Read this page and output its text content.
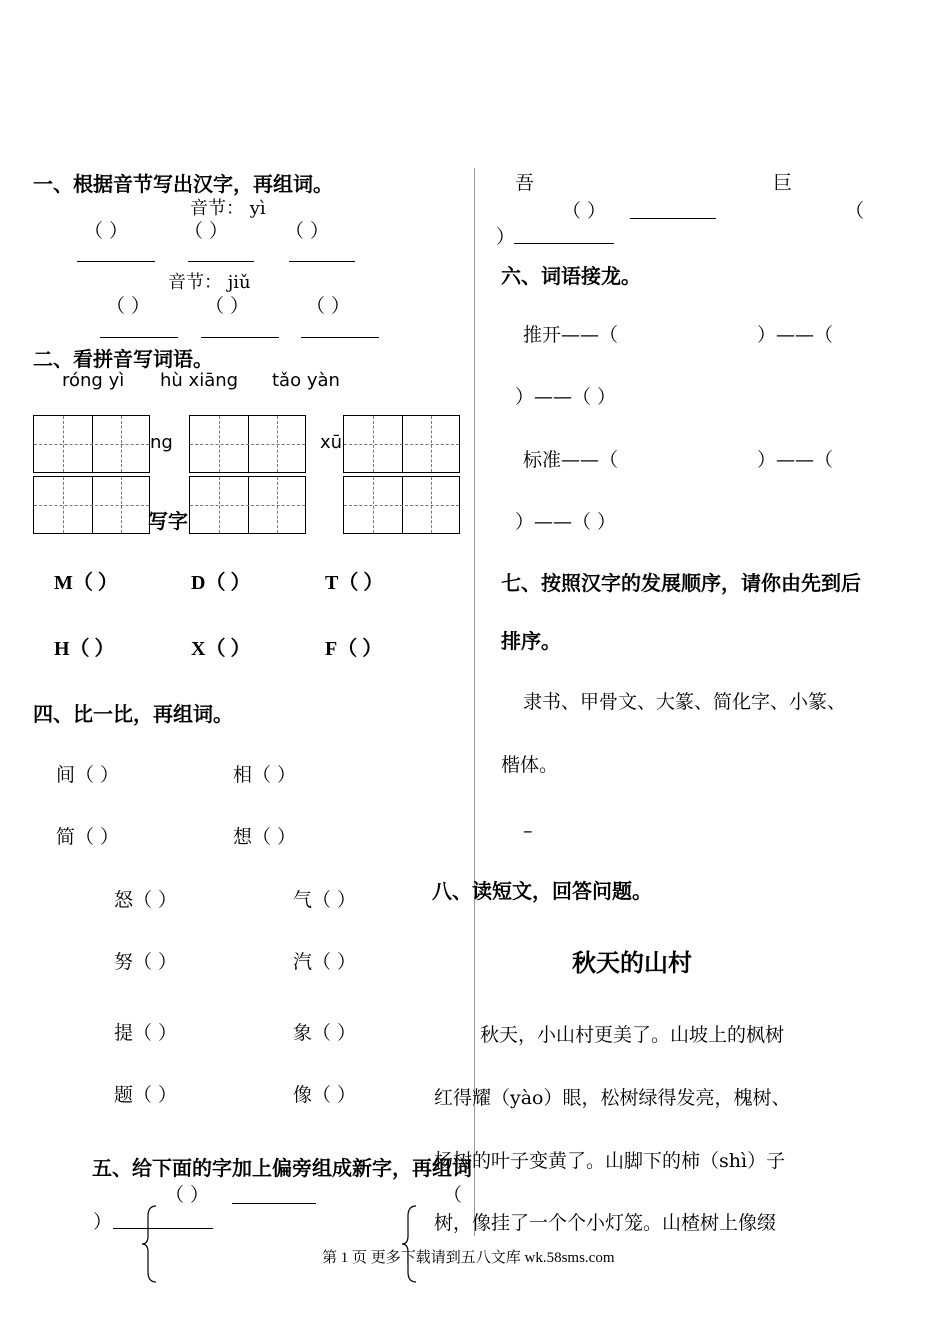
一、根据音节写出汉字，再组词。
音节： yì
（ ）	（ ）	（ ）
音节： jiǔ
（ ）	（ ）	（ ）
二、看拼音写词语。
róng yì hù xiāng tǎo yàn
ng	xū
写字
M（ ）	D（ ）	T（ ）
H（ ）	X（ ）	F（ ）
四、比一比，再组词。
间（ ）	相（ ）
简（ ）	想（ ）
怒（ ）	气（ ）
努（ ）	汽（ ）
提（ ）	象（ ）
题（ ）	像（ ）
五、给下面的字加上偏旁组成新字，再组词
（ ）	（
）
吾	巨
（ ）	（
）
六、词语接龙。
推开——（	）——（
）——（ ）
标准——（	）——（
）——（ ）
七、按照汉字的发展顺序，请你由先到后
排序。
隶书、甲骨文、大篆、简化字、小篆、
楷体。
–
八、读短文，回答问题。
秋天的山村
秋天，小山村更美了。山坡上的枫树
红得耀（yào）眼，松树绿得发亮，槐树、
杨树的叶子变黄了。山脚下的柿（shì）子
树，像挂了一个个小灯笼。山楂树上像缀
第 1 页 更多下载请到五八文库 wk.58sms.com
